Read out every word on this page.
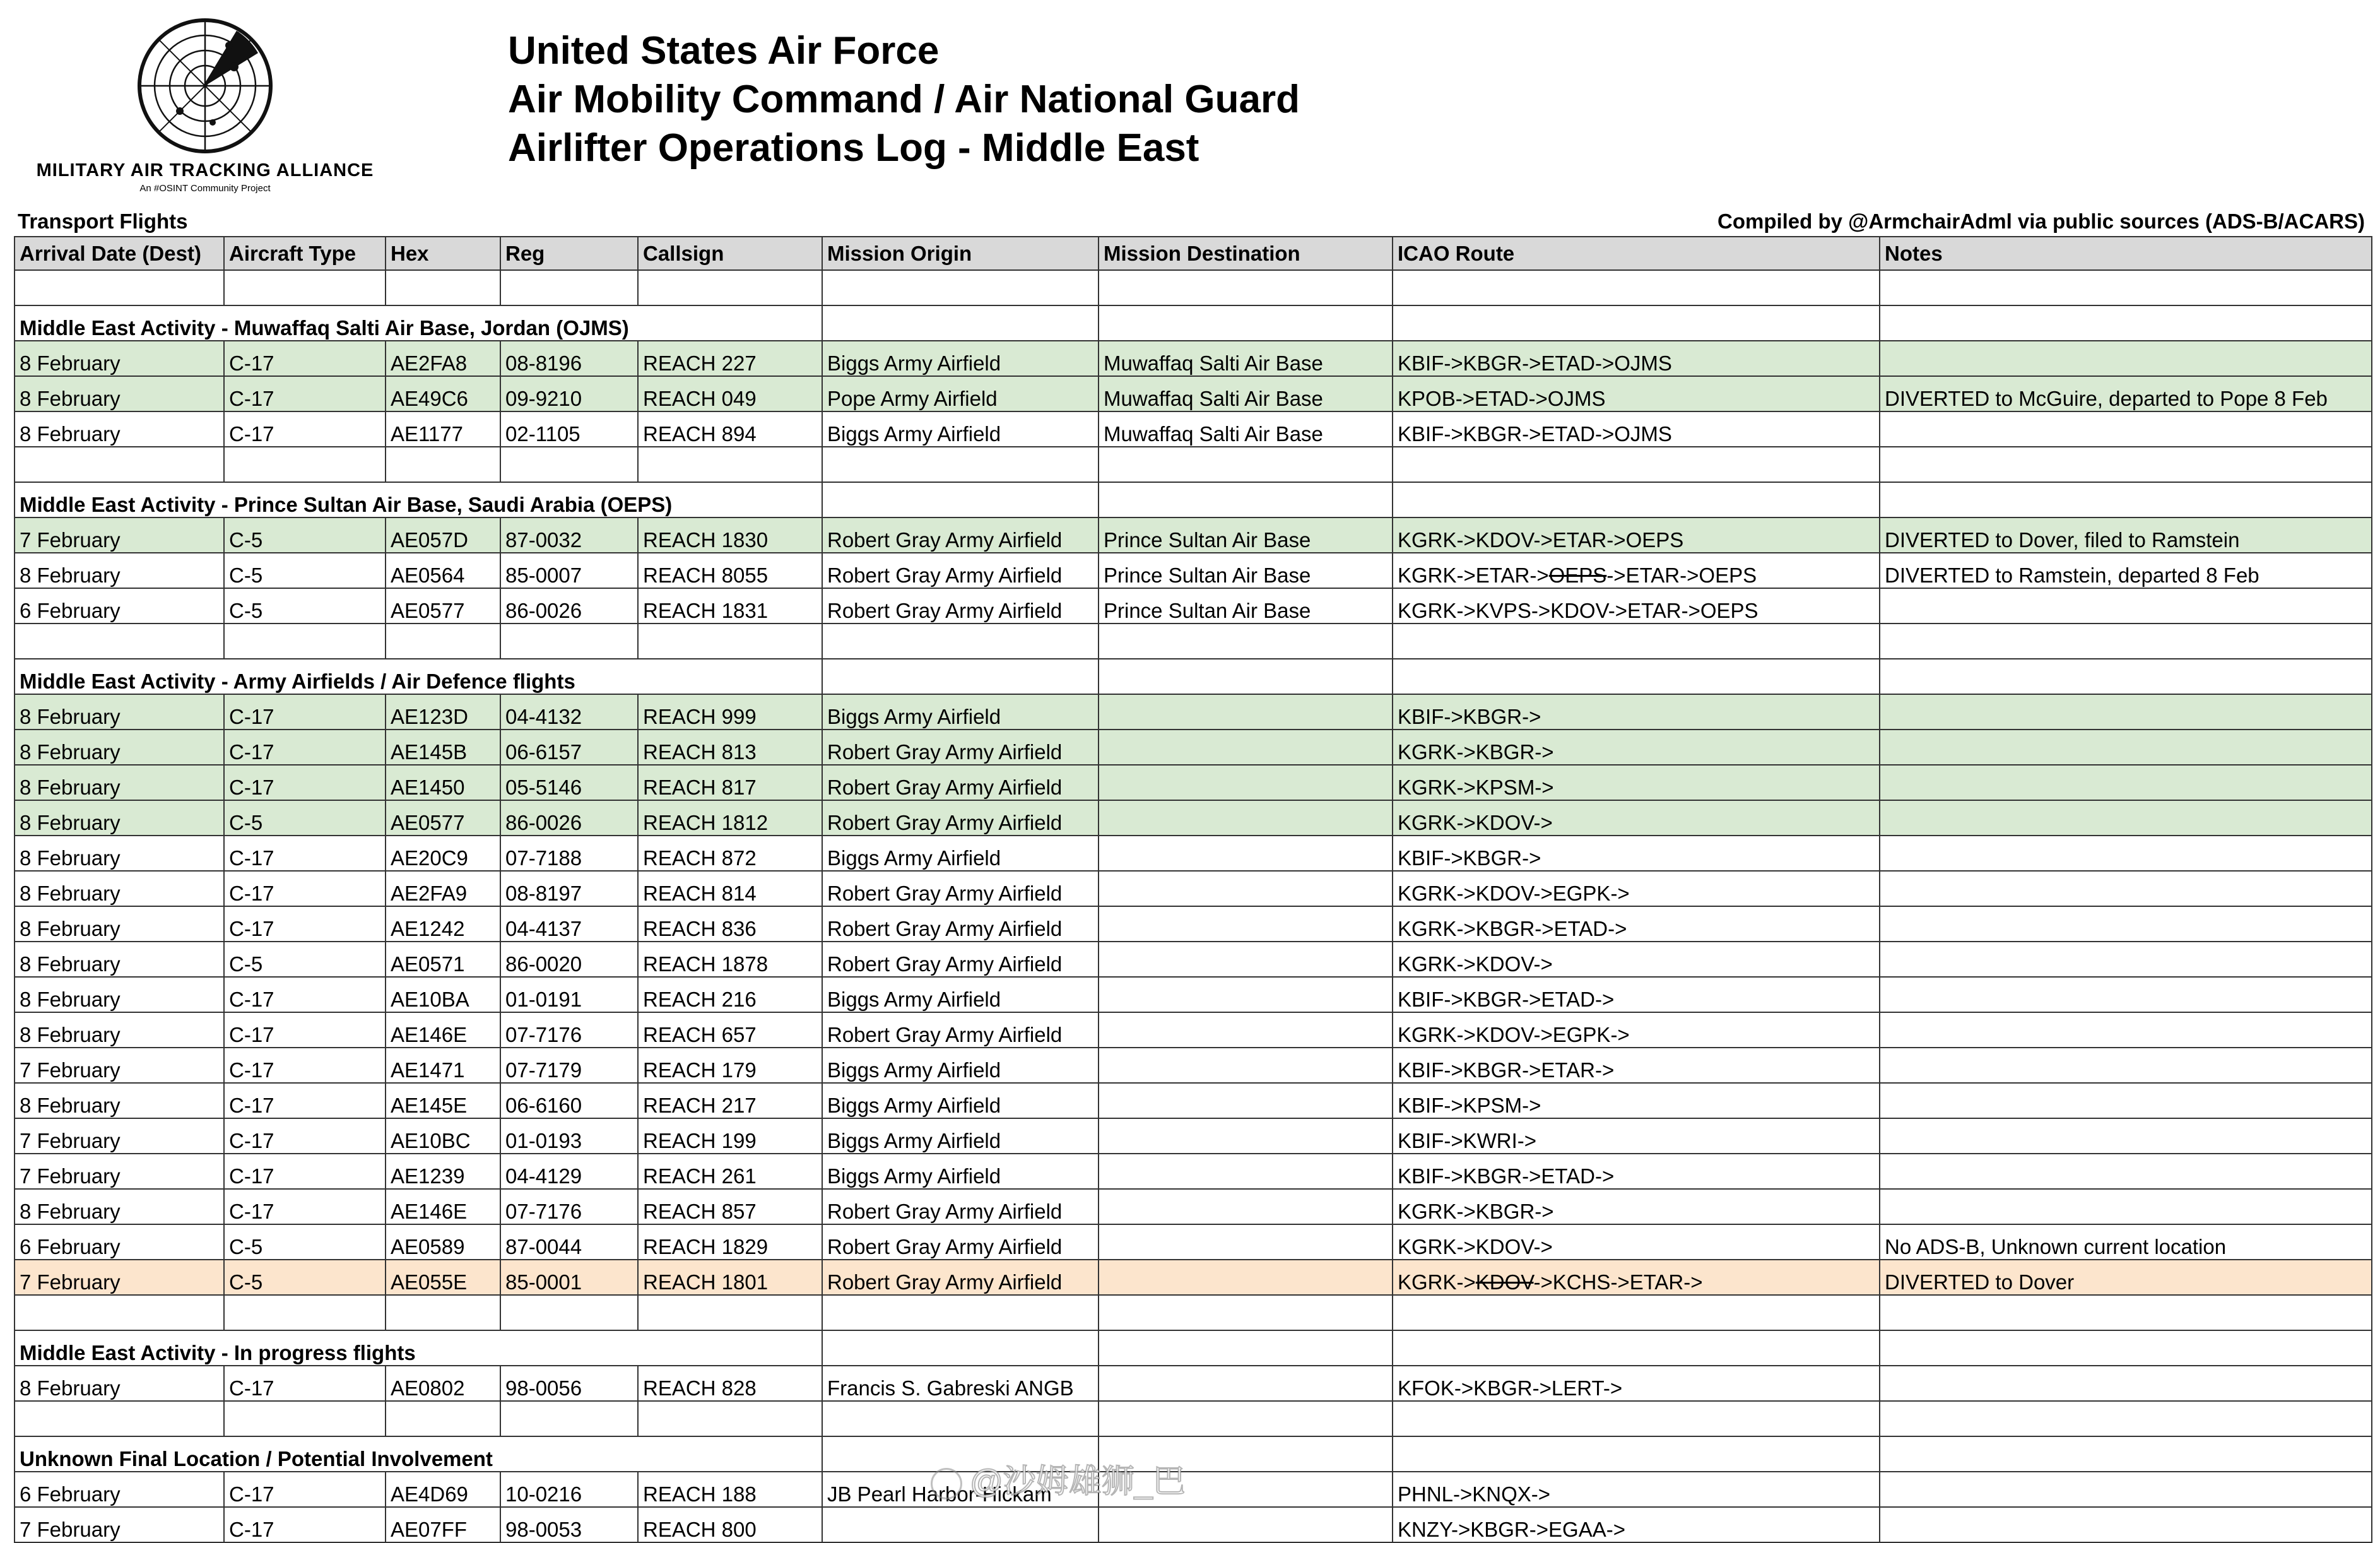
MILITARY AIR TRACKING ALLIANCE
An #OSINT Community Project
United States Air Force
Air Mobility Command / Air National Guard
Airlifter Operations Log - Middle East
Transport Flights	Compiled by @ArmchairAdml via public sources (ADS-B/ACARS)
Arrival Date (Dest)	Aircraft Type	Hex	Reg	Callsign	Mission Origin	Mission Destination	ICAO Route	Notes

Middle East Activity - Muwaffaq Salti Air Base, Jordan (OJMS)								
8 February	C-17	AE2FA8	08-8196	REACH 227	Biggs Army Airfield	Muwaffaq Salti Air Base	KBIF->KBGR->ETAD->OJMS	
8 February	C-17	AE49C6	09-9210	REACH 049	Pope Army Airfield	Muwaffaq Salti Air Base	KPOB->ETAD->OJMS	DIVERTED to McGuire, departed to Pope 8 Feb
8 February	C-17	AE1177	02-1105	REACH 894	Biggs Army Airfield	Muwaffaq Salti Air Base	KBIF->KBGR->ETAD->OJMS	

Middle East Activity - Prince Sultan Air Base, Saudi Arabia (OEPS)								
7 February	C-5	AE057D	87-0032	REACH 1830	Robert Gray Army Airfield	Prince Sultan Air Base	KGRK->KDOV->ETAR->OEPS	DIVERTED to Dover, filed to Ramstein
8 February	C-5	AE0564	85-0007	REACH 8055	Robert Gray Army Airfield	Prince Sultan Air Base	KGRK->ETAR->OEPS->ETAR->OEPS	DIVERTED to Ramstein, departed 8 Feb
6 February	C-5	AE0577	86-0026	REACH 1831	Robert Gray Army Airfield	Prince Sultan Air Base	KGRK->KVPS->KDOV->ETAR->OEPS	

Middle East Activity - Army Airfields / Air Defence flights								
8 February	C-17	AE123D	04-4132	REACH 999	Biggs Army Airfield		KBIF->KBGR->	
8 February	C-17	AE145B	06-6157	REACH 813	Robert Gray Army Airfield		KGRK->KBGR->	
8 February	C-17	AE1450	05-5146	REACH 817	Robert Gray Army Airfield		KGRK->KPSM->	
8 February	C-5	AE0577	86-0026	REACH 1812	Robert Gray Army Airfield		KGRK->KDOV->	
8 February	C-17	AE20C9	07-7188	REACH 872	Biggs Army Airfield		KBIF->KBGR->	
8 February	C-17	AE2FA9	08-8197	REACH 814	Robert Gray Army Airfield		KGRK->KDOV->EGPK->	
8 February	C-17	AE1242	04-4137	REACH 836	Robert Gray Army Airfield		KGRK->KBGR->ETAD->	
8 February	C-5	AE0571	86-0020	REACH 1878	Robert Gray Army Airfield		KGRK->KDOV->	
8 February	C-17	AE10BA	01-0191	REACH 216	Biggs Army Airfield		KBIF->KBGR->ETAD->	
8 February	C-17	AE146E	07-7176	REACH 657	Robert Gray Army Airfield		KGRK->KDOV->EGPK->	
7 February	C-17	AE1471	07-7179	REACH 179	Biggs Army Airfield		KBIF->KBGR->ETAR->	
8 February	C-17	AE145E	06-6160	REACH 217	Biggs Army Airfield		KBIF->KPSM->	
7 February	C-17	AE10BC	01-0193	REACH 199	Biggs Army Airfield		KBIF->KWRI->	
7 February	C-17	AE1239	04-4129	REACH 261	Biggs Army Airfield		KBIF->KBGR->ETAD->	
8 February	C-17	AE146E	07-7176	REACH 857	Robert Gray Army Airfield		KGRK->KBGR->	
6 February	C-5	AE0589	87-0044	REACH 1829	Robert Gray Army Airfield		KGRK->KDOV->	No ADS-B, Unknown current location
7 February	C-5	AE055E	85-0001	REACH 1801	Robert Gray Army Airfield		KGRK->KDOV->KCHS->ETAR->	DIVERTED to Dover

Middle East Activity - In progress flights								
8 February	C-17	AE0802	98-0056	REACH 828	Francis S. Gabreski ANGB		KFOK->KBGR->LERT->	

Unknown Final Location / Potential Involvement								
6 February	C-17	AE4D69	10-0216	REACH 188	JB Pearl Harbor-Hickam		PHNL->KNQX->	
7 February	C-17	AE07FF	98-0053	REACH 800			KNZY->KBGR->EGAA->	
@沙姆雄狮_巴
